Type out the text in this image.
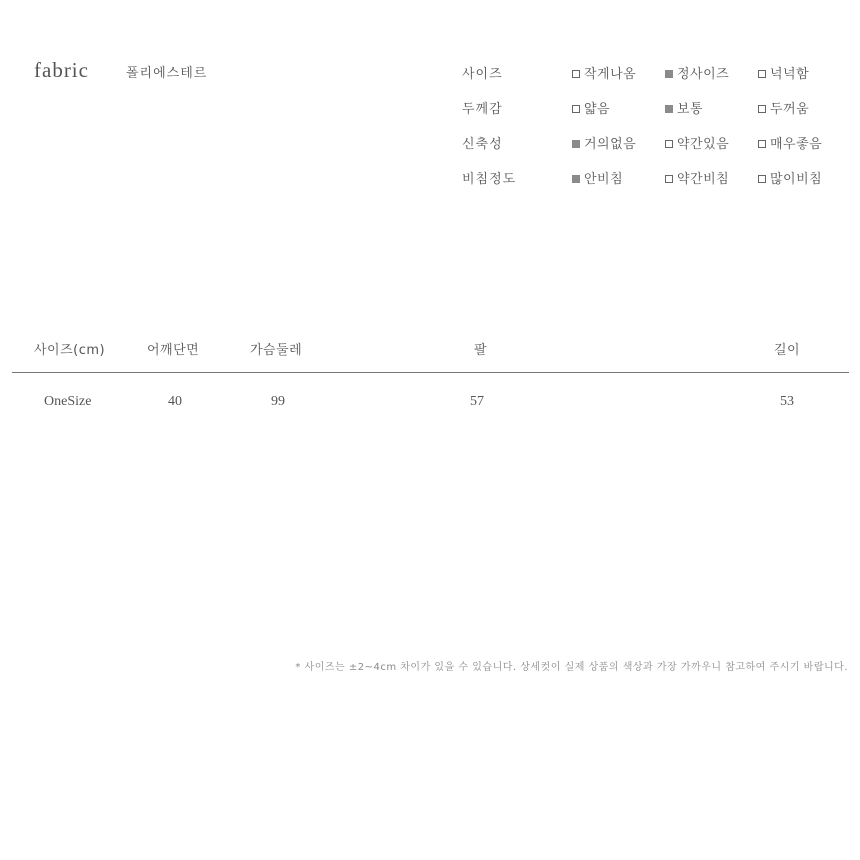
fabric	폴리에스테르	사이즈	작게나옴	정사이즈	넉넉함
두께감	얇음	보통	두꺼움
신축성	거의없음	약간있음	매우좋음
비침정도	안비침	약간비침	많이비침
사이즈(cm)	어깨단면	가슴둘레	팔	길이
OneSize	40	99	57	53
* 사이즈는 ±2~4cm 차이가 있을 수 있습니다. 상세컷이 실제 상품의 색상과 가장 가까우니 참고하여 주시기 바랍니다.
